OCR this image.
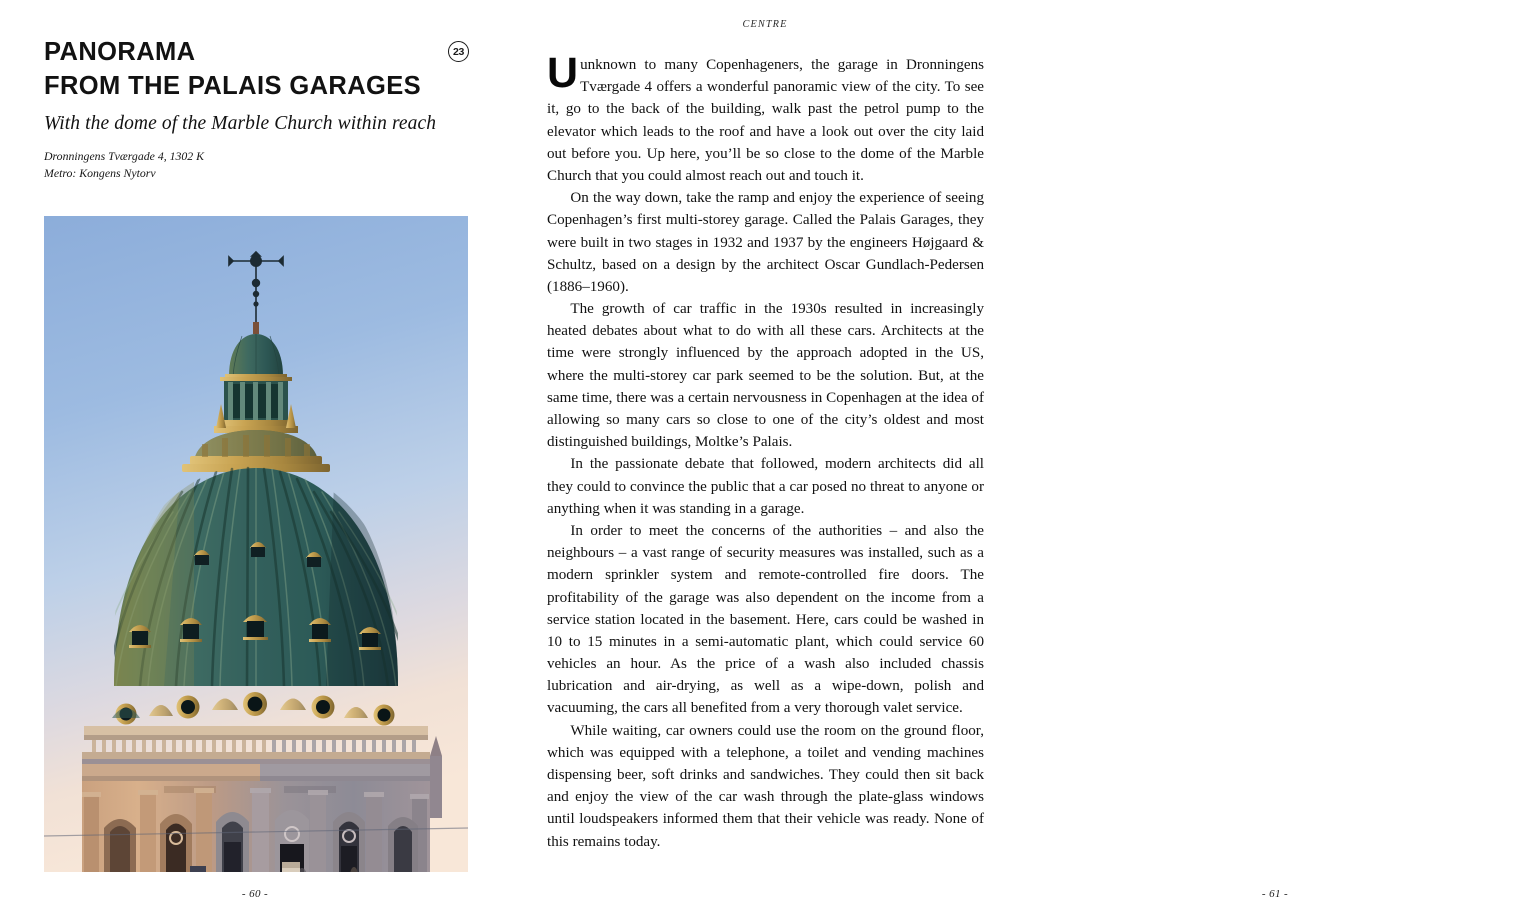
PANORAMA
FROM THE PALAIS GARAGES
23
With the dome of the Marble Church within reach
Dronningens Tværgade 4, 1302 K
Metro: Kongens Nytorv
- 60 -
CENTRE

Uunknown to many Copenhageners, the garage in Dronningens Tværgade 4 offers a wonderful panoramic view of the city. To see it, go to the back of the building, walk past the petrol pump to the elevator which leads to the roof and have a look out over the city laid out before you. Up here, you’ll be so close to the dome of the Marble Church that you could almost reach out and touch it.

On the way down, take the ramp and enjoy the experience of seeing Copenhagen’s first multi-storey garage. Called the Palais Garages, they were built in two stages in 1932 and 1937 by the engineers Højgaard & Schultz, based on a design by the architect Oscar Gundlach-Pedersen (1886–1960).

The growth of car traffic in the 1930s resulted in increasingly heated debates about what to do with all these cars. Architects at the time were strongly influenced by the approach adopted in the US, where the multi-storey car park seemed to be the solution. But, at the same time, there was a certain nervousness in Copenhagen at the idea of allowing so many cars so close to one of the city’s oldest and most distinguished buildings, Moltke’s Palais.

In the passionate debate that followed, modern architects did all they could to convince the public that a car posed no threat to anyone or anything when it was standing in a garage.

In order to meet the concerns of the authorities – and also the neighbours – a vast range of security measures was installed, such as a modern sprinkler system and remote-controlled fire doors. The profitability of the garage was also dependent on the income from a service station located in the basement. Here, cars could be washed in 10 to 15 minutes in a semi-automatic plant, which could service 60 vehicles an hour. As the price of a wash also included chassis lubrication and air-drying, as well as a wipe-down, polish and vacuuming, the cars all benefited from a very thorough valet service.

While waiting, car owners could use the room on the ground floor, which was equipped with a telephone, a toilet and vending machines dispensing beer, soft drinks and sandwiches. They could then sit back and enjoy the view of the car wash through the plate-glass windows until loudspeakers informed them that their vehicle was ready. None of this remains today.

- 61 -
